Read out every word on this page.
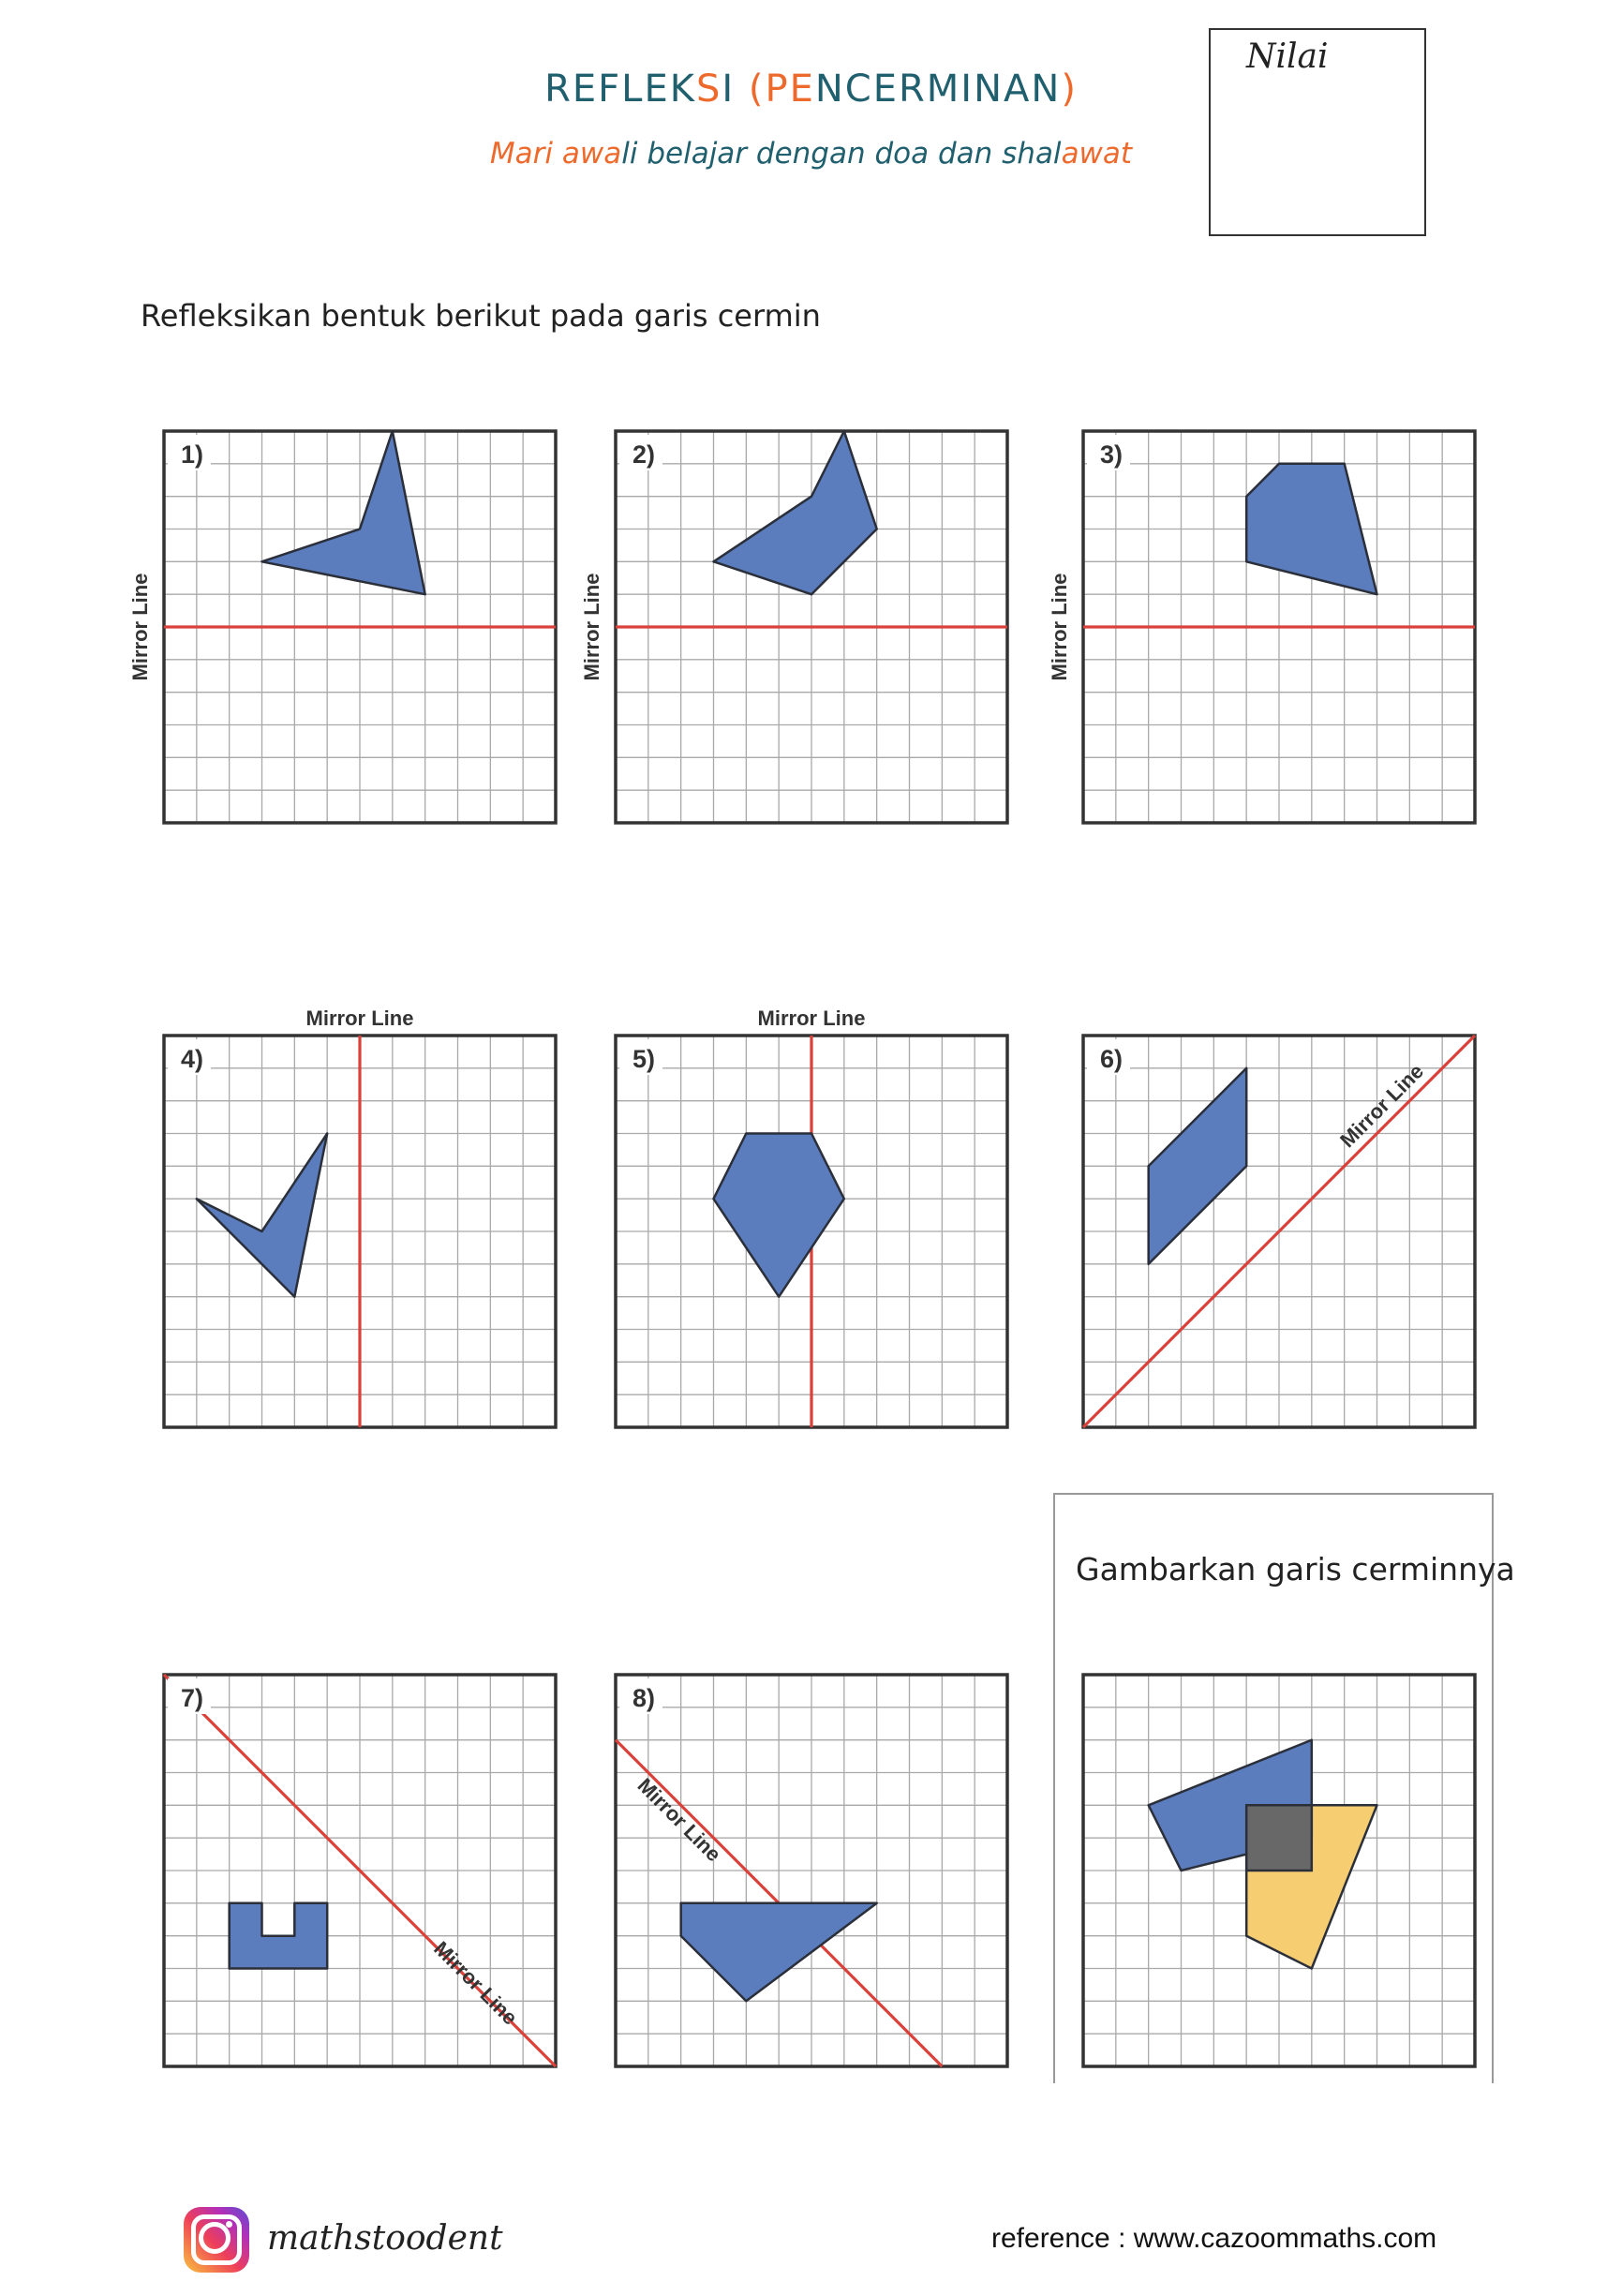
REFLEKSI (PENCERMINAN)
Mari awali belajar dengan doa dan shalawat
Nilai
Refleksikan bentuk berikut pada garis cermin
Gambarkan garis cerminnya
Mirror Line
1)
Mirror Line
2)
Mirror Line
3)
Mirror Line
4)
Mirror Line
5)
Mirror Line
6)
Mirror Line
7)
Mirror Line
8)
mathstoodent	reference : www.cazoommaths.com
